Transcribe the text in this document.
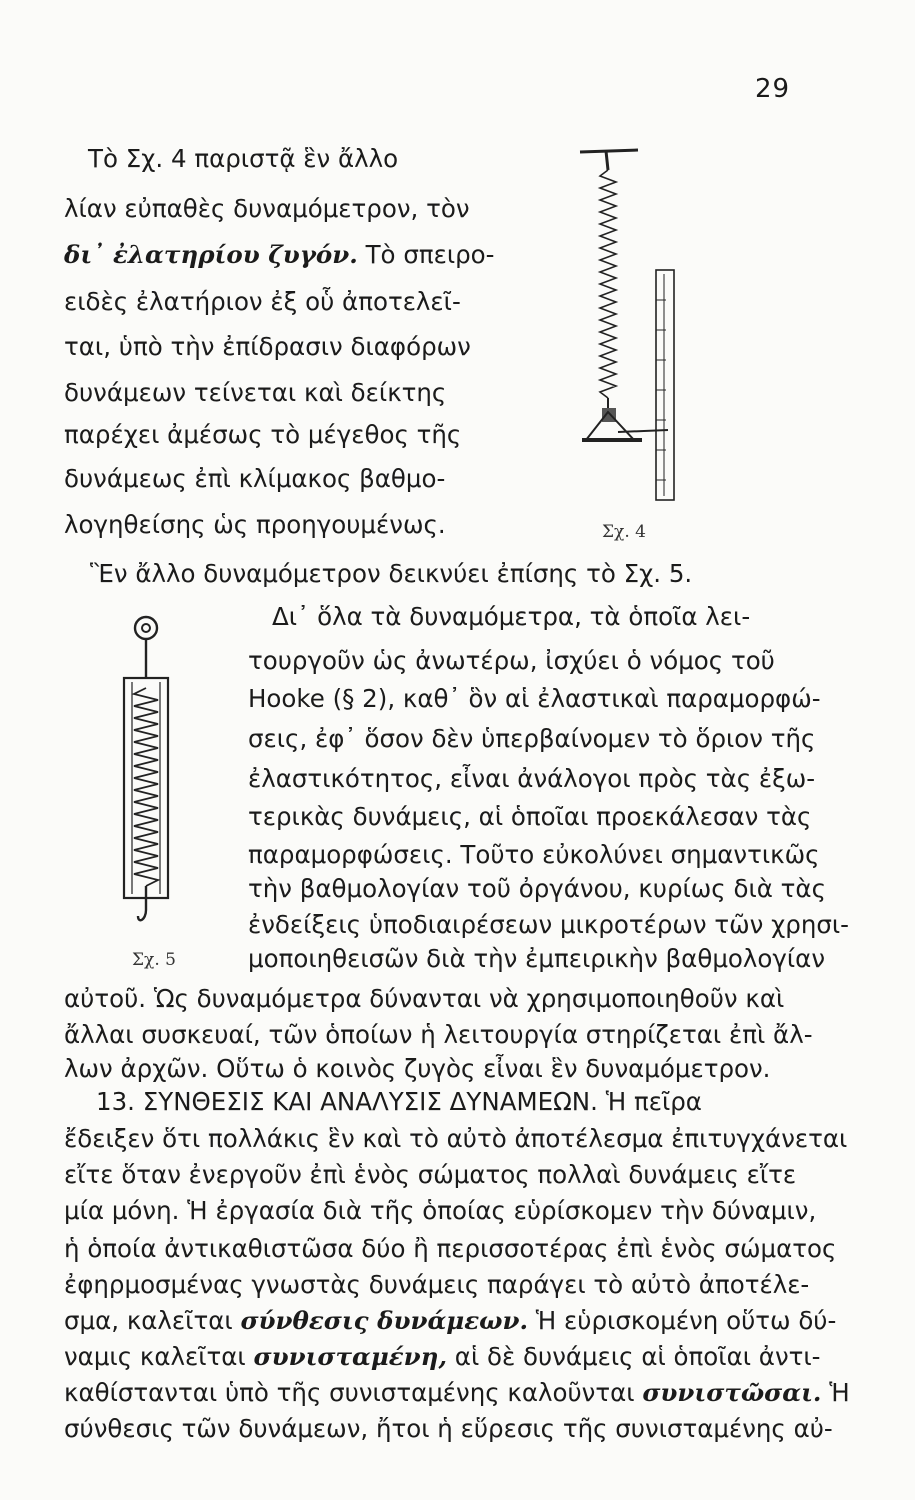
29
Τὸ Σχ. 4 παριστᾷ ἓν ἄλλο
λίαν εὐπαθὲς δυναμόμετρον, τὸν
δι᾿ ἐλατηρίου ζυγόν. Τὸ σπειρο-
ειδὲς ἐλατήριον ἐξ οὗ ἀποτελεῖ-
ται, ὑπὸ τὴν ἐπίδρασιν διαφόρων
δυνάμεων τείνεται καὶ δείκτης
παρέχει ἀμέσως τὸ μέγεθος τῆς
δυνάμεως ἐπὶ κλίμακος βαθμο-
λογηθείσης ὡς προηγουμένως.	Σχ. 4
Ἓν ἄλλο δυναμόμετρον δεικνύει ἐπίσης τὸ Σχ. 5.
Σχ. 5
Δι᾿ ὅλα τὰ δυναμόμετρα, τὰ ὁποῖα λει-
τουργοῦν ὡς ἀνωτέρω, ἰσχύει ὁ νόμος τοῦ
Hooke (§ 2), καθ᾿ ὃν αἱ ἐλαστικαὶ παραμορφώ-
σεις, ἐφ᾿ ὅσον δὲν ὑπερβαίνομεν τὸ ὅριον τῆς
ἐλαστικότητος, εἶναι ἀνάλογοι πρὸς τὰς ἐξω-
τερικὰς δυνάμεις, αἱ ὁποῖαι προεκάλεσαν τὰς
παραμορφώσεις. Τοῦτο εὐκολύνει σημαντικῶς
τὴν βαθμολογίαν τοῦ ὀργάνου, κυρίως διὰ τὰς
ἐνδείξεις ὑποδιαιρέσεων μικροτέρων τῶν χρησι-
μοποιηθεισῶν διὰ τὴν ἐμπειρικὴν βαθμολογίαν
αὐτοῦ. Ὡς δυναμόμετρα δύνανται νὰ χρησιμοποιηθοῦν καὶ
ἄλλαι συσκευαί, τῶν ὁποίων ἡ λειτουργία στηρίζεται ἐπὶ ἄλ-
λων ἀρχῶν. Οὕτω ὁ κοινὸς ζυγὸς εἶναι ἓν δυναμόμετρον.
13. ΣΥΝΘΕΣΙΣ ΚΑΙ ΑΝΑΛΥΣΙΣ ΔΥΝΑΜΕΩΝ. Ἡ πεῖρα
ἔδειξεν ὅτι πολλάκις ἓν καὶ τὸ αὐτὸ ἀποτέλεσμα ἐπιτυγχάνεται
εἴτε ὅταν ἐνεργοῦν ἐπὶ ἑνὸς σώματος πολλαὶ δυνάμεις εἴτε
μία μόνη. Ἡ ἐργασία διὰ τῆς ὁποίας εὑρίσκομεν τὴν δύναμιν,
ἡ ὁποία ἀντικαθιστῶσα δύο ἢ περισσοτέρας ἐπὶ ἑνὸς σώματος
ἐφηρμοσμένας γνωστὰς δυνάμεις παράγει τὸ αὐτὸ ἀποτέλε-
σμα, καλεῖται σύνθεσις δυνάμεων. Ἡ εὑρισκομένη οὕτω δύ-
ναμις καλεῖται συνισταμένη, αἱ δὲ δυνάμεις αἱ ὁποῖαι ἀντι-
καθίστανται ὑπὸ τῆς συνισταμένης καλοῦνται συνιστῶσαι. Ἡ
σύνθεσις τῶν δυνάμεων, ἤτοι ἡ εὕρεσις τῆς συνισταμένης αὐ-
